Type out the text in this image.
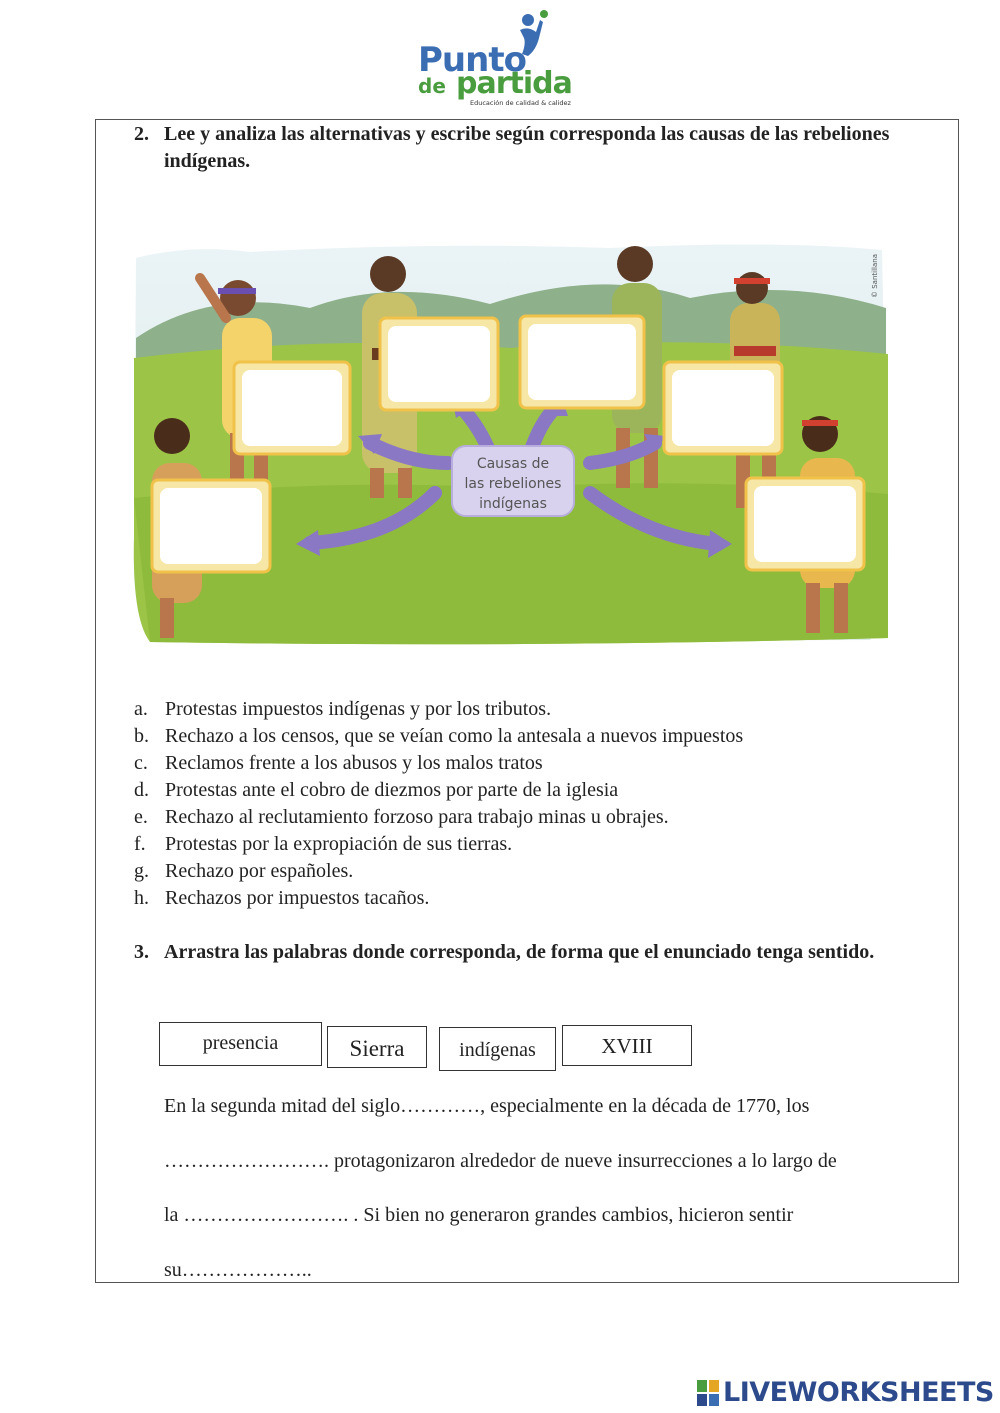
Punto
de partida
Educación de calidad & calidez
2. Lee y analiza las alternativas y escribe según corresponda las causas de las rebeliones indígenas.
Causas de
las rebeliones
indígenas
© Santillana
a. Protestas impuestos indígenas y por los tributos.
b. Rechazo a los censos, que se veían como la antesala a nuevos impuestos
c. Reclamos frente a los abusos y los malos tratos
d. Protestas ante el cobro de diezmos por parte de la iglesia
e. Rechazo al reclutamiento forzoso para trabajo minas u obrajes.
f. Protestas por la expropiación de sus tierras.
g. Rechazo por españoles.
h. Rechazos por impuestos tacaños.
3. Arrastra las palabras donde corresponda, de forma que el enunciado tenga sentido.
presencia	Sierra	indígenas	XVIII
En la segunda mitad del siglo…………, especialmente en la década de 1770, los
……………………. protagonizaron alrededor de nueve insurrecciones a lo largo de
la ……………………. . Si bien no generaron grandes cambios, hicieron sentir
su………………..
LIVEWORKSHEETS
